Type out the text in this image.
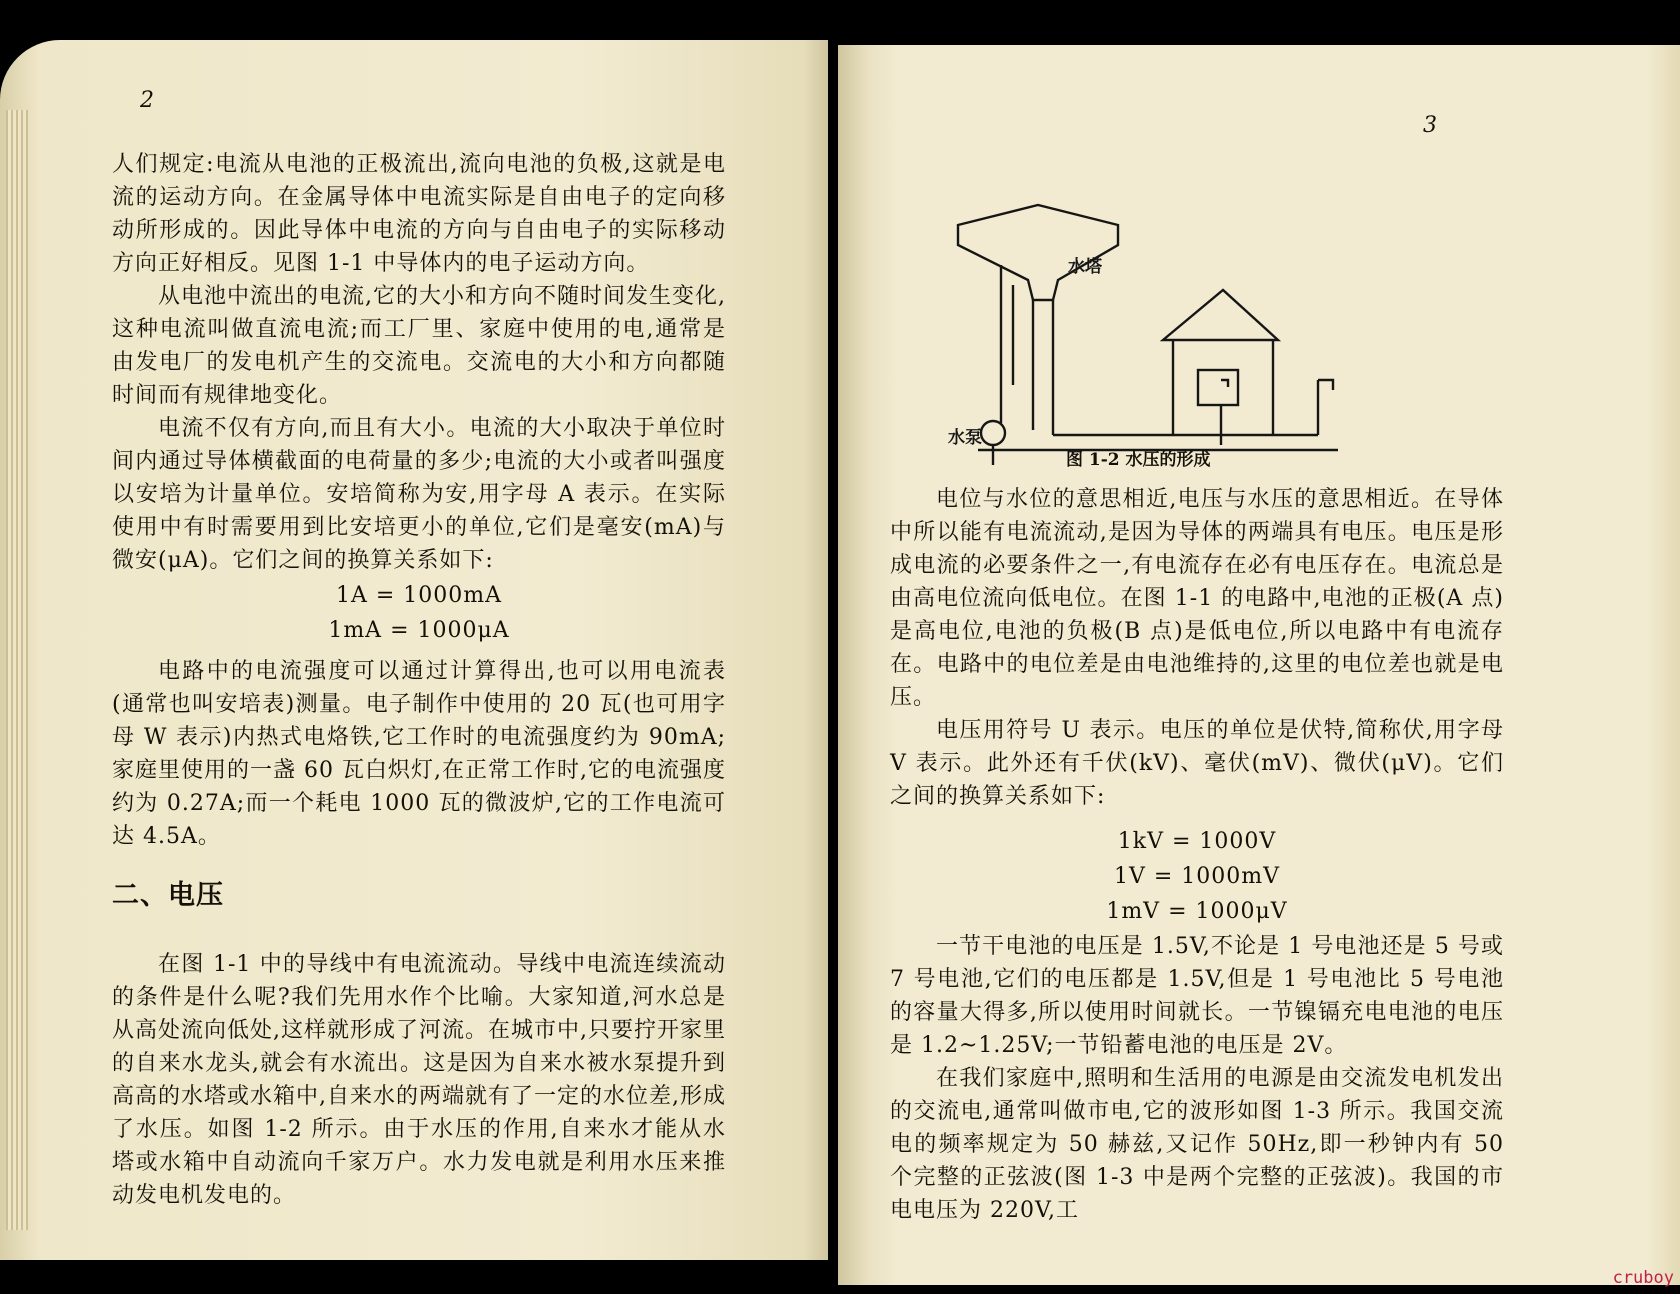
2

人们规定:电流从电池的正极流出,流向电池的负极,这就是电流的运动方向。在金属导体中电流实际是自由电子的定向移动所形成的。因此导体中电流的方向与自由电子的实际移动方向正好相反。见图 1-1 中导体内的电子运动方向。

从电池中流出的电流,它的大小和方向不随时间发生变化,这种电流叫做直流电流;而工厂里、家庭中使用的电,通常是由发电厂的发电机产生的交流电。交流电的大小和方向都随时间而有规律地变化。

电流不仅有方向,而且有大小。电流的大小取决于单位时间内通过导体横截面的电荷量的多少;电流的大小或者叫强度以安培为计量单位。安培简称为安,用字母 A 表示。在实际使用中有时需要用到比安培更小的单位,它们是毫安(mA)与微安(μA)。它们之间的换算关系如下:

1A = 1000mA

1mA = 1000μA

电路中的电流强度可以通过计算得出,也可以用电流表(通常也叫安培表)测量。电子制作中使用的 20 瓦(也可用字母 W 表示)内热式电烙铁,它工作时的电流强度约为 90mA;家庭里使用的一盏 60 瓦白炽灯,在正常工作时,它的电流强度约为 0.27A;而一个耗电 1000 瓦的微波炉,它的工作电流可达 4.5A。

二、电压

在图 1-1 中的导线中有电流流动。导线中电流连续流动的条件是什么呢?我们先用水作个比喻。大家知道,河水总是从高处流向低处,这样就形成了河流。在城市中,只要拧开家里的自来水龙头,就会有水流出。这是因为自来水被水泵提升到高高的水塔或水箱中,自来水的两端就有了一定的水位差,形成了水压。如图 1-2 所示。由于水压的作用,自来水才能从水塔或水箱中自动流向千家万户。水力发电就是利用水压来推动发电机发电的。

3
水塔
水泵
图 1-2 水压的形成

电位与水位的意思相近,电压与水压的意思相近。在导体中所以能有电流流动,是因为导体的两端具有电压。电压是形成电流的必要条件之一,有电流存在必有电压存在。电流总是由高电位流向低电位。在图 1-1 的电路中,电池的正极(A 点)是高电位,电池的负极(B 点)是低电位,所以电路中有电流存在。电路中的电位差是由电池维持的,这里的电位差也就是电压。

电压用符号 U 表示。电压的单位是伏特,简称伏,用字母 V 表示。此外还有千伏(kV)、毫伏(mV)、微伏(μV)。它们之间的换算关系如下:

1kV = 1000V

1V = 1000mV

1mV = 1000μV

一节干电池的电压是 1.5V,不论是 1 号电池还是 5 号或 7 号电池,它们的电压都是 1.5V,但是 1 号电池比 5 号电池的容量大得多,所以使用时间就长。一节镍镉充电电池的电压是 1.2~1.25V;一节铅蓄电池的电压是 2V。

在我们家庭中,照明和生活用的电源是由交流发电机发出的交流电,通常叫做市电,它的波形如图 1-3 所示。我国交流电的频率规定为 50 赫兹,又记作 50Hz,即一秒钟内有 50 个完整的正弦波(图 1-3 中是两个完整的正弦波)。我国的市电电压为 220V,工

cruboy
